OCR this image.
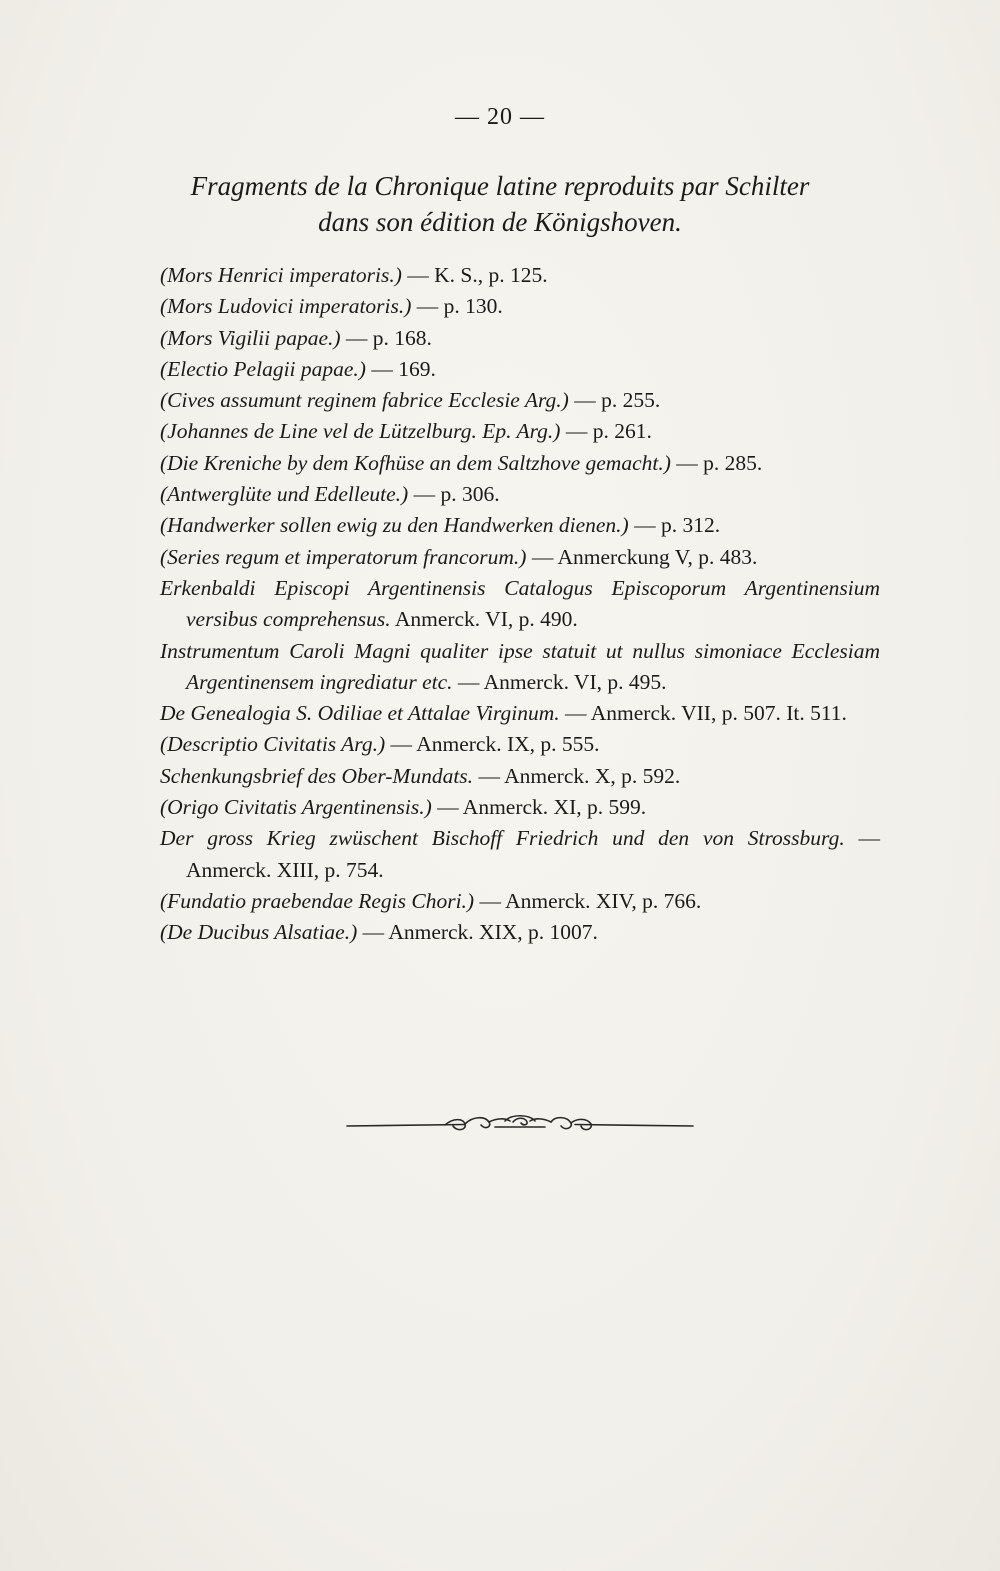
— 20 —
Fragments de la Chronique latine reproduits par Schilter
dans son édition de Königshoven.

(Mors Henrici imperatoris.) — K. S., p. 125.

(Mors Ludovici imperatoris.) — p. 130.

(Mors Vigilii papae.) — p. 168.

(Electio Pelagii papae.) — 169.

(Cives assumunt reginem fabrice Ecclesie Arg.) — p. 255.

(Johannes de Line vel de Lützelburg. Ep. Arg.) — p. 261.

(Die Kreniche by dem Kofhüse an dem Saltzhove gemacht.) — p. 285.

(Antwerglüte und Edelleute.) — p. 306.

(Handwerker sollen ewig zu den Handwerken dienen.) — p. 312.

(Series regum et imperatorum francorum.) — Anmerckung V, p. 483.

Erkenbaldi Episcopi Argentinensis Catalogus Episcoporum Argentinensium versibus comprehensus. Anmerck. VI, p. 490.

Instrumentum Caroli Magni qualiter ipse statuit ut nullus simoniace Ecclesiam Argentinensem ingrediatur etc. — Anmerck. VI, p. 495.

De Genealogia S. Odiliae et Attalae Virginum. — Anmerck. VII, p. 507. It. 511.

(Descriptio Civitatis Arg.) — Anmerck. IX, p. 555.

Schenkungsbrief des Ober-Mundats. — Anmerck. X, p. 592.

(Origo Civitatis Argentinensis.) — Anmerck. XI, p. 599.

Der gross Krieg zwüschent Bischoff Friedrich und den von Strossburg. — Anmerck. XIII, p. 754.

(Fundatio praebendae Regis Chori.) — Anmerck. XIV, p. 766.

(De Ducibus Alsatiae.) — Anmerck. XIX, p. 1007.
